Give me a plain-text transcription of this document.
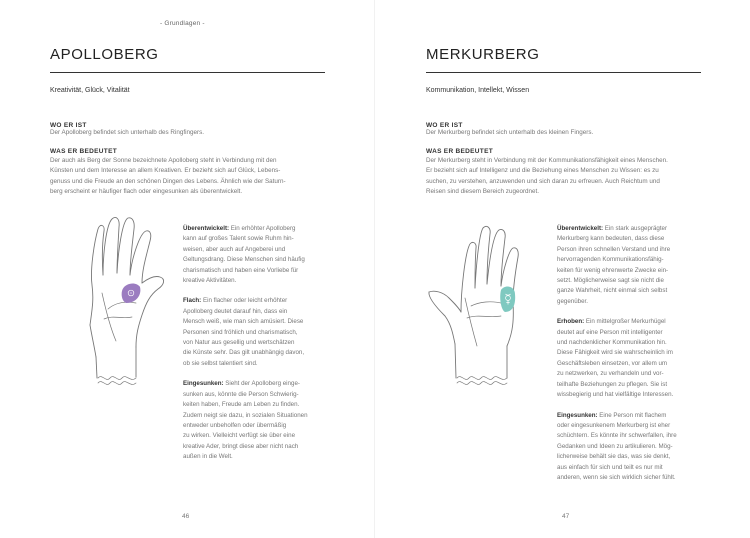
- Grundlagen -
APOLLOBERG
Kreativität, Glück, Vitalität
WO ER IST
Der Apolloberg befindet sich unterhalb des Ringfingers.
WAS ER BEDEUTET
Der auch als Berg der Sonne bezeichnete Apolloberg steht in Verbindung mit den
Künsten und dem Interesse an allem Kreativen. Er bezieht sich auf Glück, Lebens-
genuss und die Freude an den schönen Dingen des Lebens. Ähnlich wie der Saturn-
berg erscheint er häufiger flach oder eingesunken als überentwickelt.
Überentwickelt: Ein erhöhter Apolloberg
kann auf großes Talent sowie Ruhm hin-
weisen, aber auch auf Angeberei und
Geltungsdrang. Diese Menschen sind häufig
charismatisch und haben eine Vorliebe für
kreative Aktivitäten.
Flach: Ein flacher oder leicht erhöhter
Apolloberg deutet darauf hin, dass ein
Mensch weiß, wie man sich amüsiert. Diese
Personen sind fröhlich und charismatisch,
von Natur aus gesellig und wertschätzen
die Künste sehr. Das gilt unabhängig davon,
ob sie selbst talentiert sind.
Eingesunken: Sieht der Apolloberg einge-
sunken aus, könnte die Person Schwierig-
keiten haben, Freude am Leben zu finden.
Zudem neigt sie dazu, in sozialen Situationen
entweder unbeholfen oder übermäßig
zu wirken. Vielleicht verfügt sie über eine
kreative Ader, bringt diese aber nicht nach
außen in die Welt.
46
MERKURBERG
Kommunikation, Intellekt, Wissen
WO ER IST
Der Merkurberg befindet sich unterhalb des kleinen Fingers.
WAS ER BEDEUTET
Der Merkurberg steht in Verbindung mit der Kommunikationsfähigkeit eines Menschen.
Er bezieht sich auf Intelligenz und die Beziehung eines Menschen zu Wissen: es zu
suchen, zu verstehen, anzuwenden und sich daran zu erfreuen. Auch Reichtum und
Reisen sind diesem Bereich zugeordnet.
Überentwickelt: Ein stark ausgeprägter
Merkurberg kann bedeuten, dass diese
Person ihren schnellen Verstand und ihre
hervorragenden Kommunikationsfähig-
keiten für wenig ehrenwerte Zwecke ein-
setzt. Möglicherweise sagt sie nicht die
ganze Wahrheit, nicht einmal sich selbst
gegenüber.
Erhoben: Ein mittelgroßer Merkurhügel
deutet auf eine Person mit intelligenter
und nachdenklicher Kommunikation hin.
Diese Fähigkeit wird sie wahrscheinlich im
Geschäftsleben einsetzen, vor allem um
zu netzwerken, zu verhandeln und vor-
teilhafte Beziehungen zu pflegen. Sie ist
wissbegierig und hat vielfältige Interessen.
Eingesunken: Eine Person mit flachem
oder eingesunkenem Merkurberg ist eher
schüchtern. Es könnte ihr schwerfallen, ihre
Gedanken und Ideen zu artikulieren. Mög-
licherweise behält sie das, was sie denkt,
aus einfach für sich und teilt es nur mit
anderen, wenn sie sich wirklich sicher fühlt.
47
